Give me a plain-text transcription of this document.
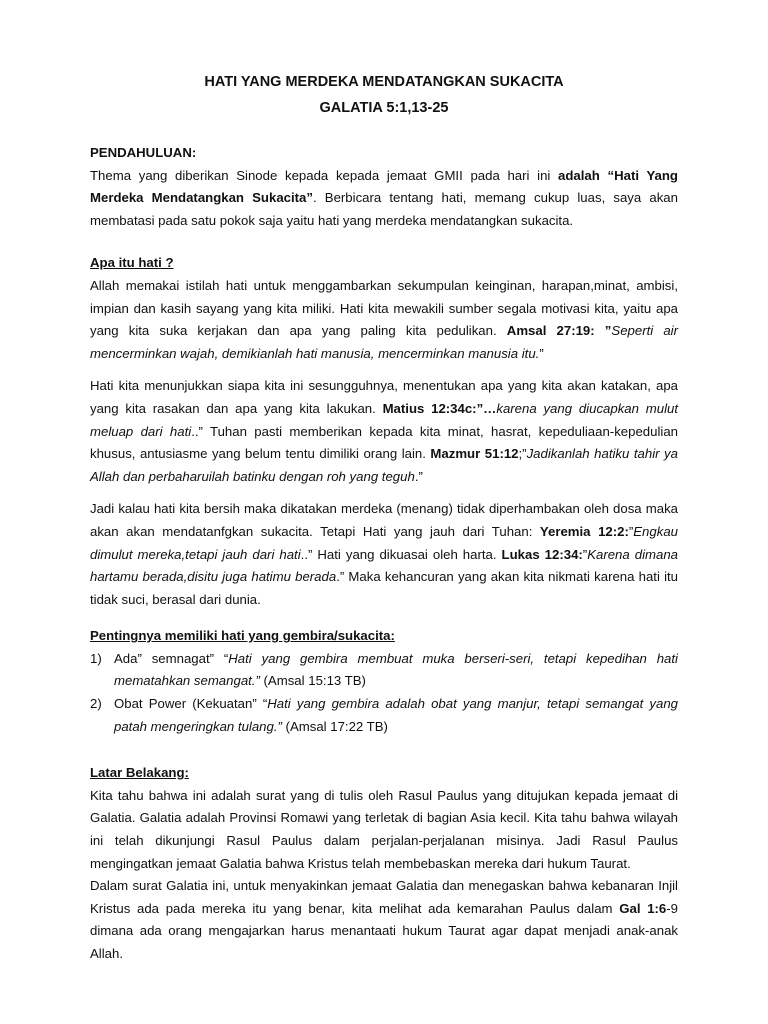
HATI YANG MERDEKA MENDATANGKAN SUKACITA
GALATIA 5:1,13-25
PENDAHULUAN:

Thema yang diberikan Sinode kepada kepada jemaat GMII pada hari ini adalah “Hati Yang Merdeka Mendatangkan Sukacita”. Berbicara tentang hati, memang cukup luas, saya akan membatasi pada satu pokok saja yaitu hati yang merdeka mendatangkan sukacita.

Apa itu hati ?

Allah memakai istilah hati untuk menggambarkan sekumpulan keinginan, harapan,minat, ambisi, impian dan kasih sayang yang kita miliki. Hati kita mewakili sumber segala motivasi kita, yaitu apa yang kita suka kerjakan dan apa yang paling kita pedulikan. Amsal 27:19: ”Seperti air mencerminkan wajah, demikianlah hati manusia, mencerminkan manusia itu.”

Hati kita menunjukkan siapa kita ini sesungguhnya, menentukan apa yang kita akan katakan, apa yang kita rasakan dan apa yang kita lakukan. Matius 12:34c:”…karena yang diucapkan mulut meluap dari hati..” Tuhan pasti memberikan kepada kita minat, hasrat, kepeduliaan-kepedulian khusus, antusiasme yang belum tentu dimiliki orang lain. Mazmur 51:12;”Jadikanlah hatiku tahir ya Allah dan perbaharuilah batinku dengan roh yang teguh.”

Jadi kalau hati kita bersih maka dikatakan merdeka (menang) tidak diperhambakan oleh dosa maka akan akan mendatanfgkan sukacita. Tetapi Hati yang jauh dari Tuhan: Yeremia 12:2:”Engkau dimulut mereka,tetapi jauh dari hati..” Hati yang dikuasai oleh harta. Lukas 12:34:”Karena dimana hartamu berada,disitu juga hatimu berada.” Maka kehancuran yang akan kita nikmati karena hati itu tidak suci, berasal dari dunia.

Pentingnya memiliki hati yang gembira/sukacita:
1) Ada” semnagat” “Hati yang gembira membuat muka berseri-seri, tetapi kepedihan hati mematahkan semangat.” (Amsal 15:13 TB)
2) Obat Power (Kekuatan” “Hati yang gembira adalah obat yang manjur, tetapi semangat yang patah mengeringkan tulang.” (Amsal 17:22 TB)
Latar Belakang:

Kita tahu bahwa ini adalah surat yang di tulis oleh Rasul Paulus yang ditujukan kepada jemaat di Galatia. Galatia adalah Provinsi Romawi yang terletak di bagian Asia kecil. Kita tahu bahwa wilayah ini telah dikunjungi Rasul Paulus dalam perjalan-perjalanan misinya. Jadi Rasul Paulus mengingatkan jemaat Galatia bahwa Kristus telah membebaskan mereka dari hukum Taurat.

Dalam surat Galatia ini, untuk menyakinkan jemaat Galatia dan menegaskan bahwa kebanaran Injil Kristus ada pada mereka itu yang benar, kita melihat ada kemarahan Paulus dalam Gal 1:6-9 dimana ada orang mengajarkan harus menantaati hukum Taurat agar dapat menjadi anak-anak Allah.
